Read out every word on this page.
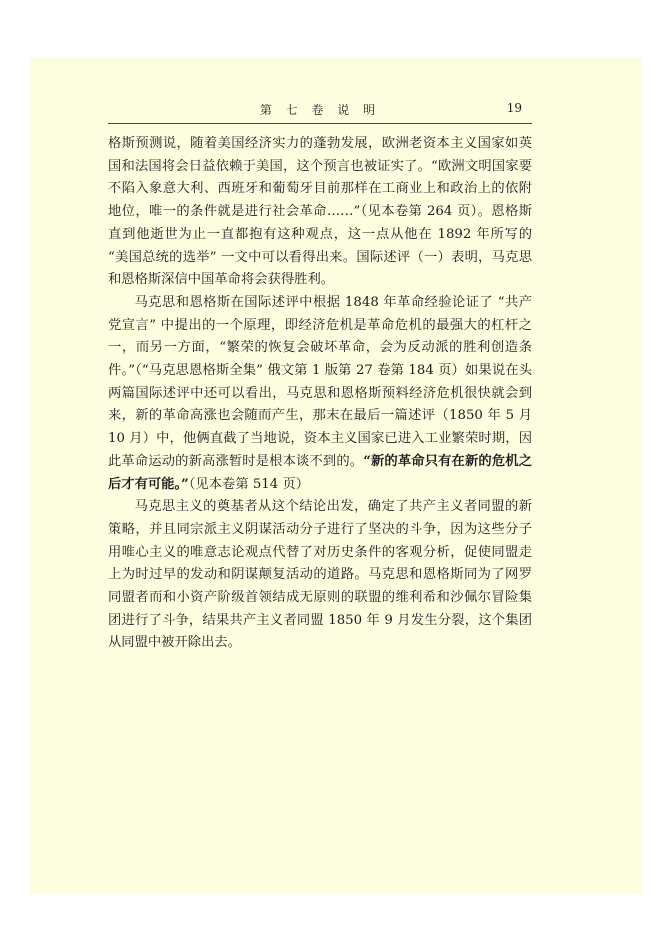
第 七 卷 说 明	19

格斯预测说，随着美国经济实力的蓬勃发展，欧洲老资本主义国家如英国和法国将会日益依赖于美国，这个预言也被证实了。“欧洲文明国家要不陷入象意大利、西班牙和葡萄牙目前那样在工商业上和政治上的依附地位，唯一的条件就是进行社会革命……”（见本卷第 264 页）。恩格斯直到他逝世为止一直都抱有这种观点，这一点从他在 1892 年所写的 “美国总统的选举” 一文中可以看得出来。国际述评（一）表明，马克思和恩格斯深信中国革命将会获得胜利。

马克思和恩格斯在国际述评中根据 1848 年革命经验论证了 “共产党宣言” 中提出的一个原理，即经济危机是革命危机的最强大的杠杆之一，而另一方面，“繁荣的恢复会破坏革命，会为反动派的胜利创造条件。”（“马克思恩格斯全集” 俄文第 1 版第 27 卷第 184 页）如果说在头两篇国际述评中还可以看出，马克思和恩格斯预料经济危机很快就会到来，新的革命高涨也会随而产生，那末在最后一篇述评（1850 年 5 月 10 月）中，他俩直截了当地说，资本主义国家已进入工业繁荣时期，因此革命运动的新高涨暂时是根本谈不到的。“新的革命只有在新的危机之后才有可能。”（见本卷第 514 页）

马克思主义的奠基者从这个结论出发，确定了共产主义者同盟的新策略，并且同宗派主义阴谋活动分子进行了坚决的斗争，因为这些分子用唯心主义的唯意志论观点代替了对历史条件的客观分析，促使同盟走上为时过早的发动和阴谋颠复活动的道路。马克思和恩格斯同为了网罗同盟者而和小资产阶级首领结成无原则的联盟的维利希和沙佩尔冒险集团进行了斗争，结果共产主义者同盟 1850 年 9 月发生分裂，这个集团从同盟中被开除出去。
